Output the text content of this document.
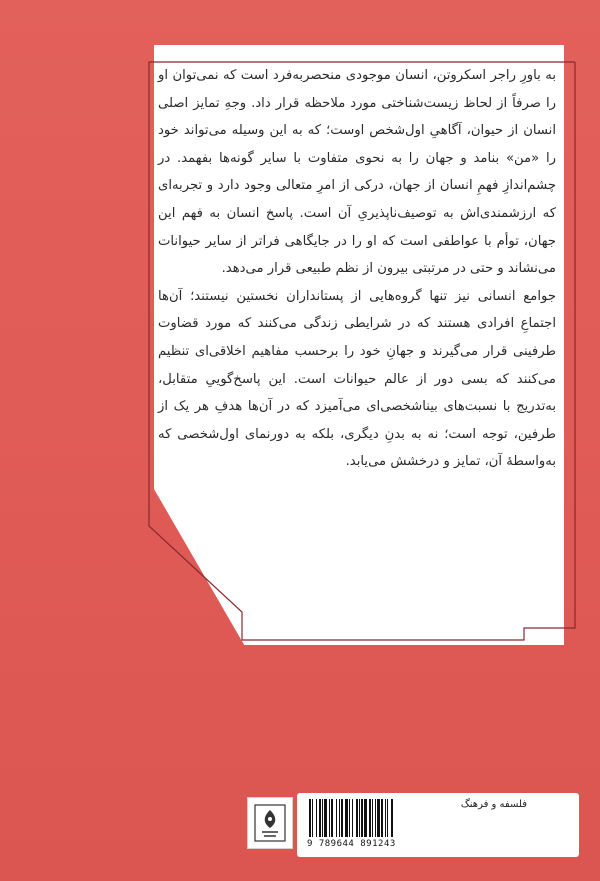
به باورِ راجر اسکروتن، انسان موجودی منحصربه‌فرد است که نمی‌توان او را صرفاً از لحاظ زیست‌شناختی مورد ملاحظه قرار داد. وجهِ تمایز اصلی انسان از حیوان، آگاهیِ اول‌شخص اوست؛ که به این وسیله می‌تواند خود را «من» بنامد و جهان را به نحوی متفاوت با سایر گونه‌ها بفهمد. در چشم‌اندازِ فهمِ انسان از جهان، درکی از امرِ متعالی وجود دارد و تجربه‌ای که ارزشمندی‌اش به توصیف‌ناپذیریِ آن است. پاسخ انسان به فهم این جهان، توأم با عواطفی است که او را در جایگاهی فراتر از سایر حیوانات می‌نشاند و حتی در مرتبتی بیرون از نظم طبیعی قرار می‌دهد.

جوامع انسانی نیز تنها گروه‌هایی از پستانداران نخستین نیستند؛ آن‌ها اجتماعِ افرادی هستند که در شرایطی زندگی می‌کنند که مورد قضاوت طرفینی قرار می‌گیرند و جهانِ خود را برحسب مفاهیم اخلاقی‌ای تنظیم می‌کنند که بسی دور از عالم حیوانات است. این پاسخ‌گوییِ متقابل، به‌تدریج با نسبت‌های بیناشخصی‌ای می‌آمیزد که در آن‌ها هدفِ هر یک از طرفین، توجه است؛ نه به بدنِ دیگری، بلکه به دورنمای اول‌شخصی که به‌واسطهٔ آن، تمایز و درخشش می‌یابد.

فلسفه و فرهنگ
9 789644 891243
